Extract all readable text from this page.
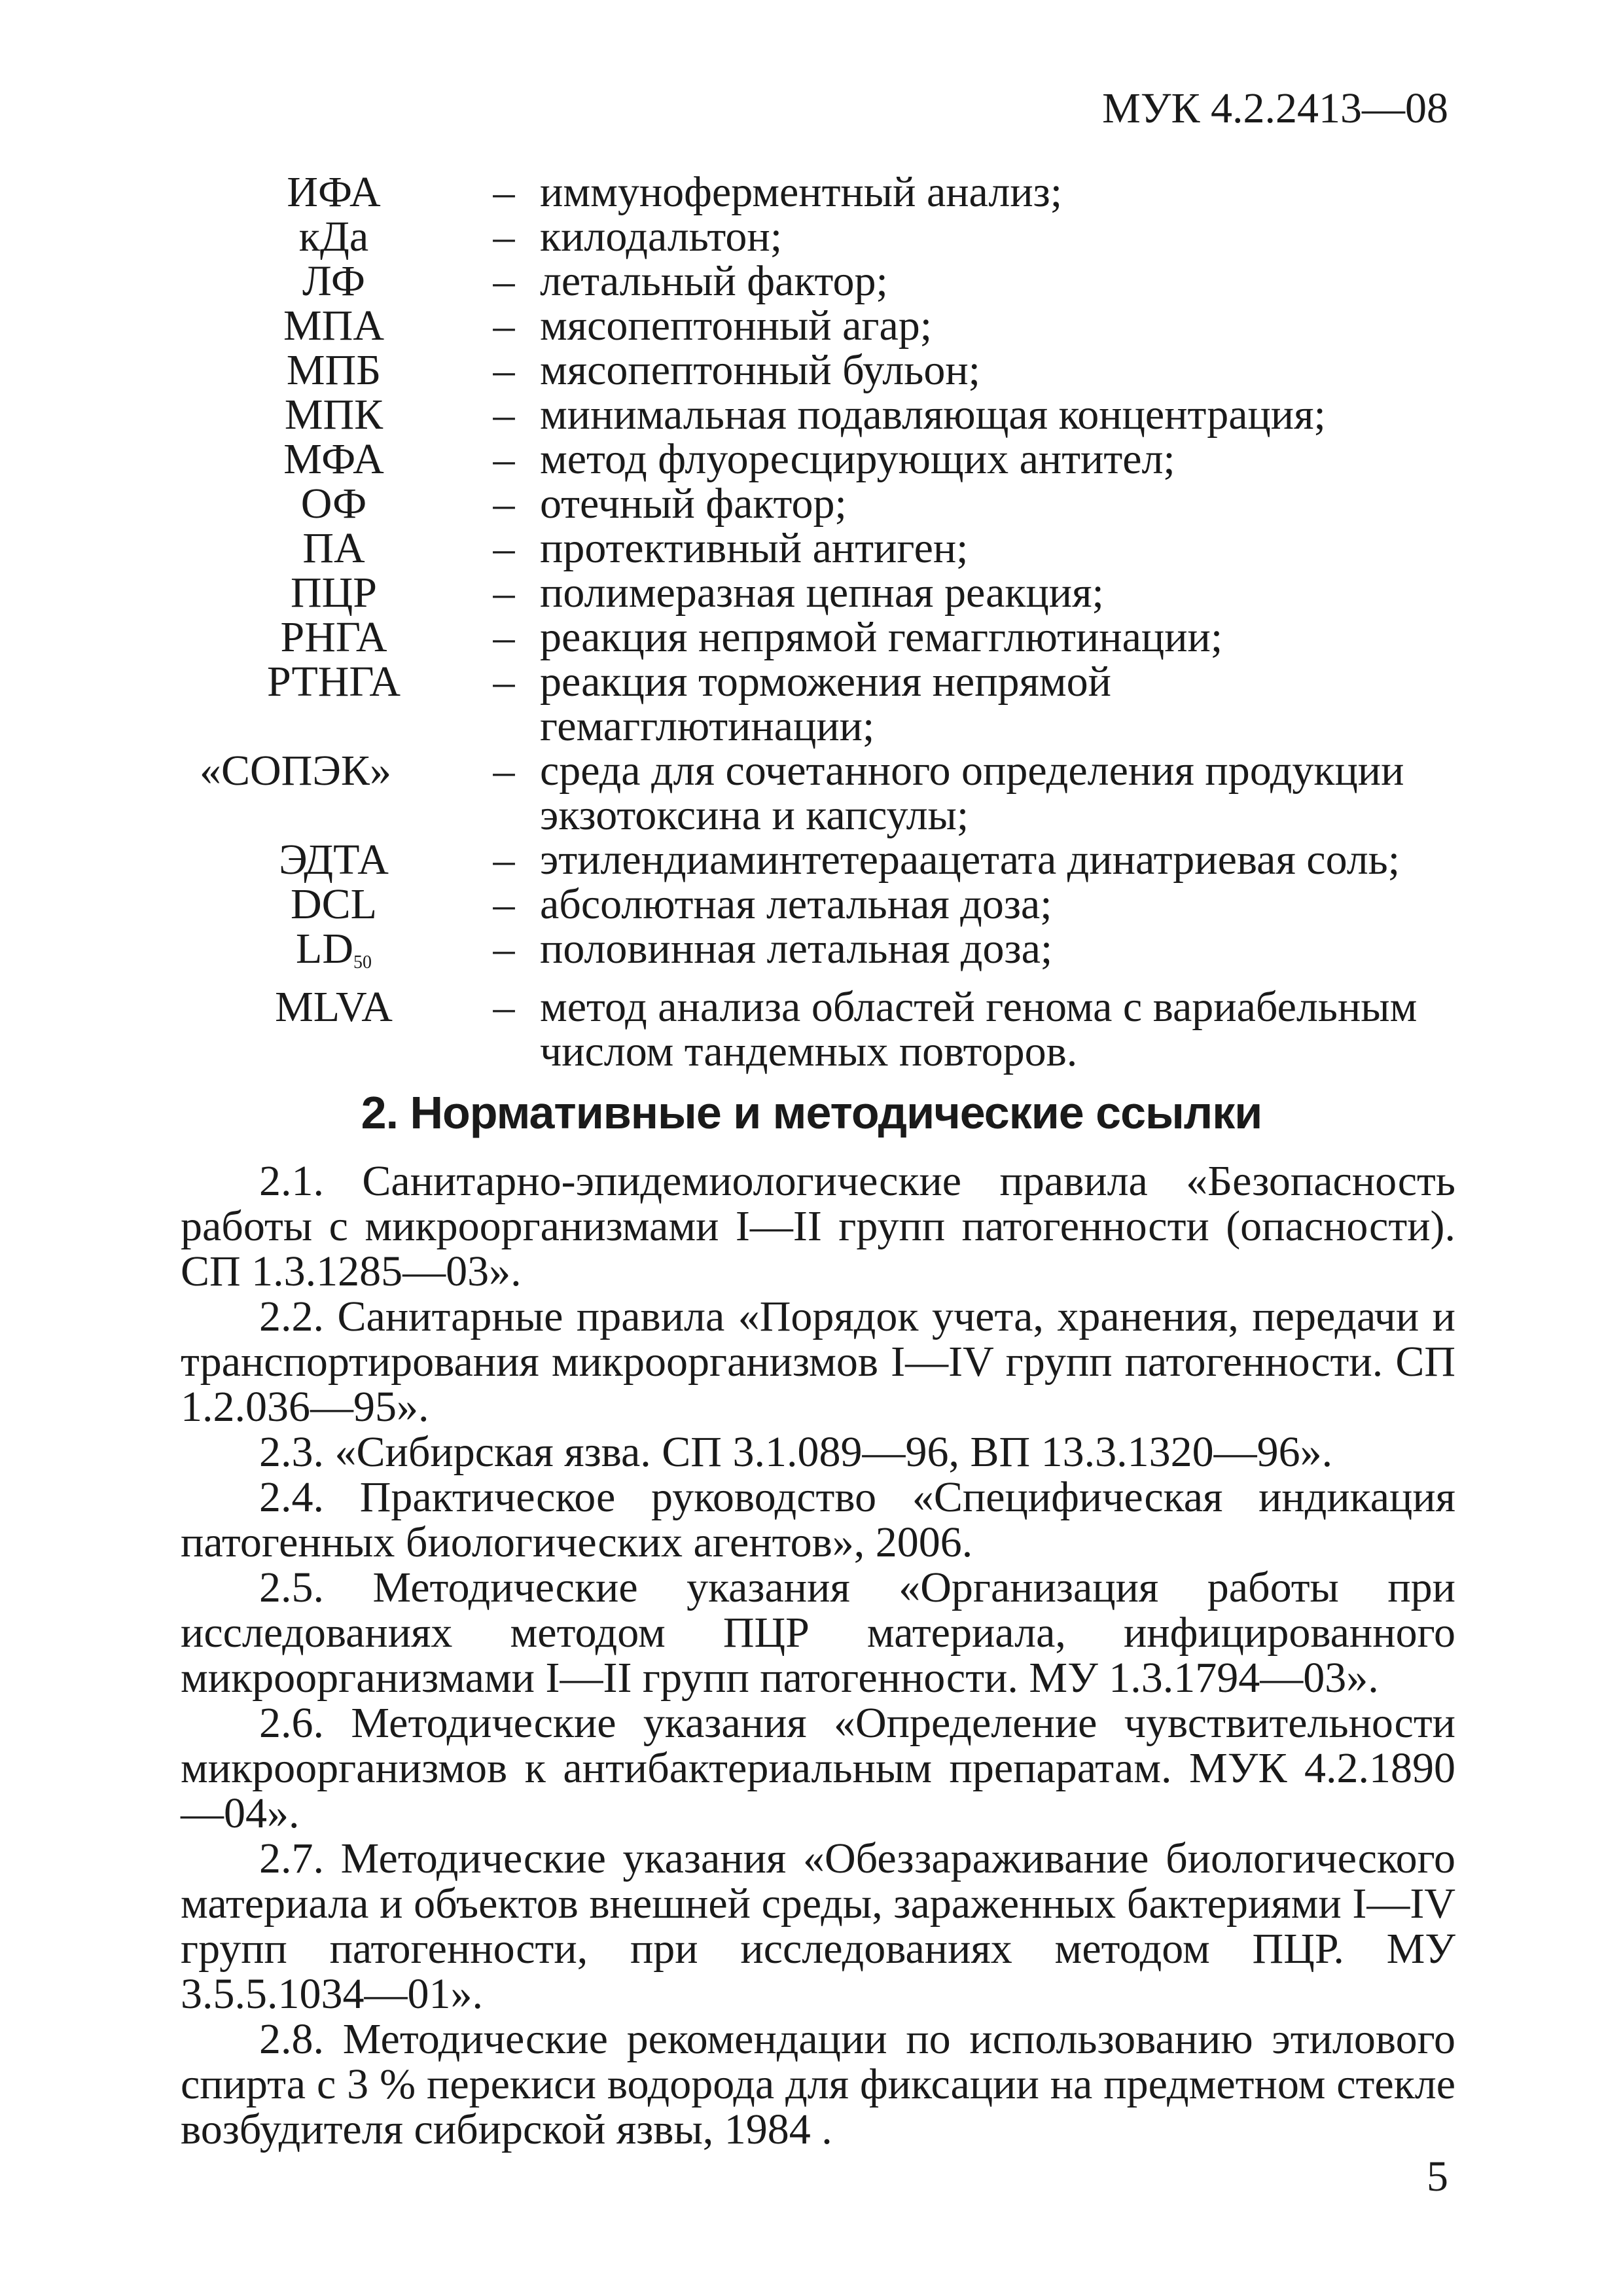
МУК 4.2.2413—08
ИФА	– иммуноферментный анализ;
кДа	– килодальтон;
ЛФ	– летальный фактор;
МПА	– мясопептонный агар;
МПБ	– мясопептонный бульон;
МПК	– минимальная подавляющая концентрация;
МФА	– метод флуоресцирующих антител;
ОФ	– отечный фактор;
ПА	– протективный антиген;
ПЦР	– полимеразная цепная реакция;
РНГА	– реакция непрямой гемагглютинации;
РТНГА	– реакция торможения непрямой
гемагглютинации;
«СОПЭК»	– среда для сочетанного определения продукции
экзотоксина и капсулы;
ЭДТА	– этилендиаминтетераацетата динатриевая соль;
DCL	– абсолютная летальная доза;
$LD_{50}$	– половинная летальная доза;
MLVA	– метод анализа областей генома с вариабельным
числом тандемных повторов.
2. Нормативные и методические ссылки

2.1. Санитарно-эпидемиологические правила «Безопасность работы с микроорганизмами I—II групп патогенности (опасности). СП 1.3.1285—03».

2.2. Санитарные правила «Порядок учета, хранения, передачи и транспортирования микроорганизмов I—IV групп патогенности. СП 1.2.036—95».

2.3. «Сибирская язва. СП 3.1.089—96, ВП 13.3.1320—96».

2.4. Практическое руководство «Специфическая индикация патогенных биологических агентов», 2006.

2.5. Методические указания «Организация работы при исследованиях методом ПЦР материала, инфицированного микроорганизмами I—II групп патогенности. МУ 1.3.1794—03».

2.6. Методические указания «Определение чувствительности микроорганизмов к антибактериальным препаратам. МУК 4.2.1890—04».

2.7. Методические указания «Обеззараживание биологического материала и объектов внешней среды, зараженных бактериями I—IV групп патогенности, при исследованиях методом ПЦР. МУ 3.5.5.1034—01».

2.8. Методические рекомендации по использованию этилового спирта с 3 % перекиси водорода для фиксации на предметном стекле возбудителя сибирской язвы, 1984 .

5
